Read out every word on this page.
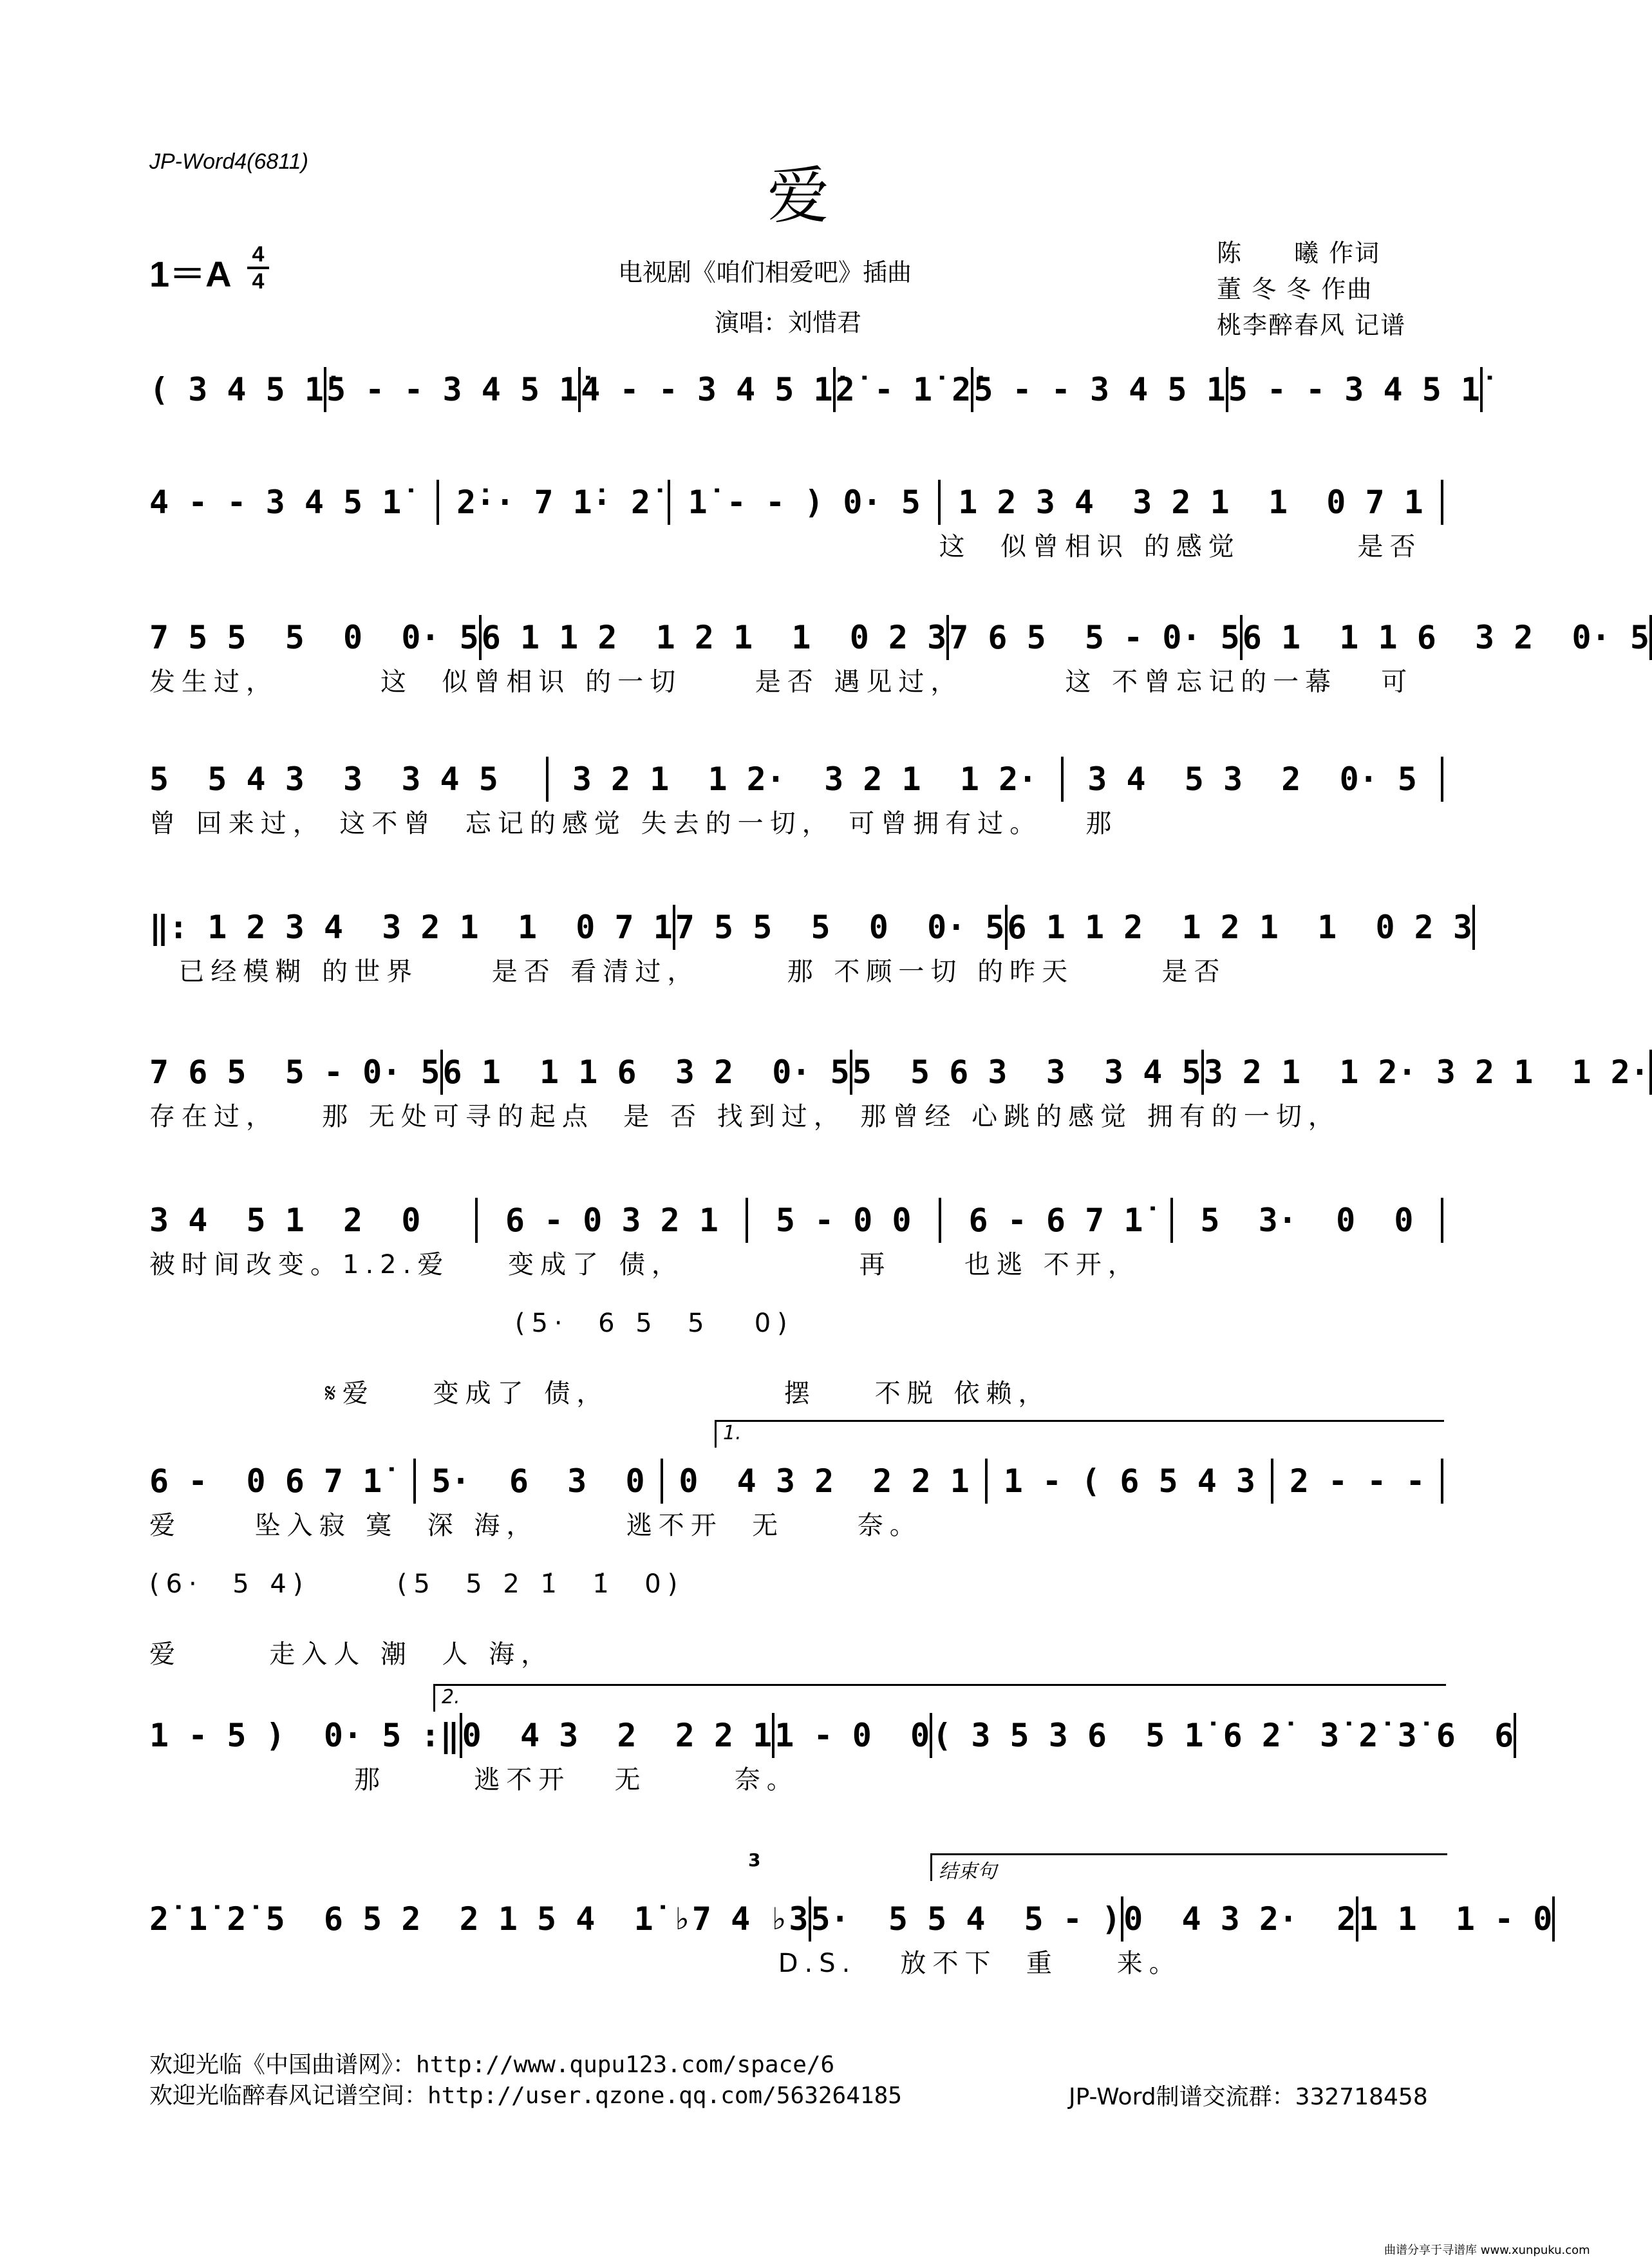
JP-Word4(6811)	爱
1＝A 4
4	电视剧《咱们相爱吧》插曲
演唱：刘惜君
陈　　曦 作词
董 冬 冬 作曲
桃李醉春风 记谱
( 3 4 5 1̇ 5 - - 3 4 5 1̇ 4 - - 3 4 5 1̇ 2̇ - 1̇ 2̇ 5 - - 3 4 5 1̇ 5 - - 3 4 5 1̇
4 - - 3 4 5 1̇	2̇·· 7 1̇· 2̇	1̇ - - ) 0· 5	1 2 3 4  3 2 1  1  0 7 1
这  似曾相识 的感觉        是否
7 5 5  5  0  0· 5 6 1 1 2  1 2 1  1  0 2 3 7 6 5  5 - 0· 5 6 1  1 1 6  3 2  0· 5
发生过，       这  似曾相识 的一切     是否 遇见过，       这 不曾忘记的一幕   可
5  5 4 3  3  3 4 5	3 2 1  1 2·  3 2 1  1 2·	3 4  5 3  2  0· 5
曾 回来过， 这不曾  忘记的感觉 失去的一切， 可曾拥有过。   那
‖: 1 2 3 4  3 2 1  1  0 7 1 7 5 5  5  0  0· 5 6 1 1 2  1 2 1  1  0 2 3
已经模糊 的世界     是否 看清过，      那 不顾一切 的昨天      是否
7 6 5  5 - 0· 5 6 1  1 1 6  3 2  0· 5 5  5 6 3  3  3 4 5 3 2 1  1 2· 3 2 1  1 2·
存在过，   那 无处可寻的起点  是 否 找到过， 那曾经 心跳的感觉 拥有的一切，
3 4  5 1  2  0	6 - 0 3 2 1	5 - 0 0	6 - 6 7 1̇	5  3·  0  0
被时间改变。1.2.爱    变成了 债，            再     也逃 不开，
(5·  6 5  5   0)
𝄋爱    变成了 债，            摆    不脱 依赖，
6 -  0 6 7 1̇	5·  6  3  0	0  4 3 2  2 2 1	1 - ( 6 5 4 3	2 - - -
爱     坠入寂 寞  深 海，      逃不开  无     奈。
(6·  5 4)      (5  5 2 1̇  1̇  0)
爱      走入人 潮  人 海，
1 - 5 )  0· 5 :‖ 0  4 3  2  2 2 1 1 - 0  0 ( 3 5 3 6  5 1̇ 6 2̇  3̇ 2̇ 3̇ 6  6
那      逃不开   无      奈。
2̇ 1̇ 2̇ 5  6 5 2  2 1 5 4  1̇ ♭7 4 ♭3 5·  5 5 4  5 - ) 0  4 3 2·  2 1 1  1 - 0
D.S.   放不下  重    来。
1.
2.
结束句
3
欢迎光临《中国曲谱网》：http://www.qupu123.com/space/6
欢迎光临醉春风记谱空间：http://user.qzone.qq.com/563264185	JP-Word制谱交流群：332718458
曲谱分享于寻谱库 www.xunpuku.com
